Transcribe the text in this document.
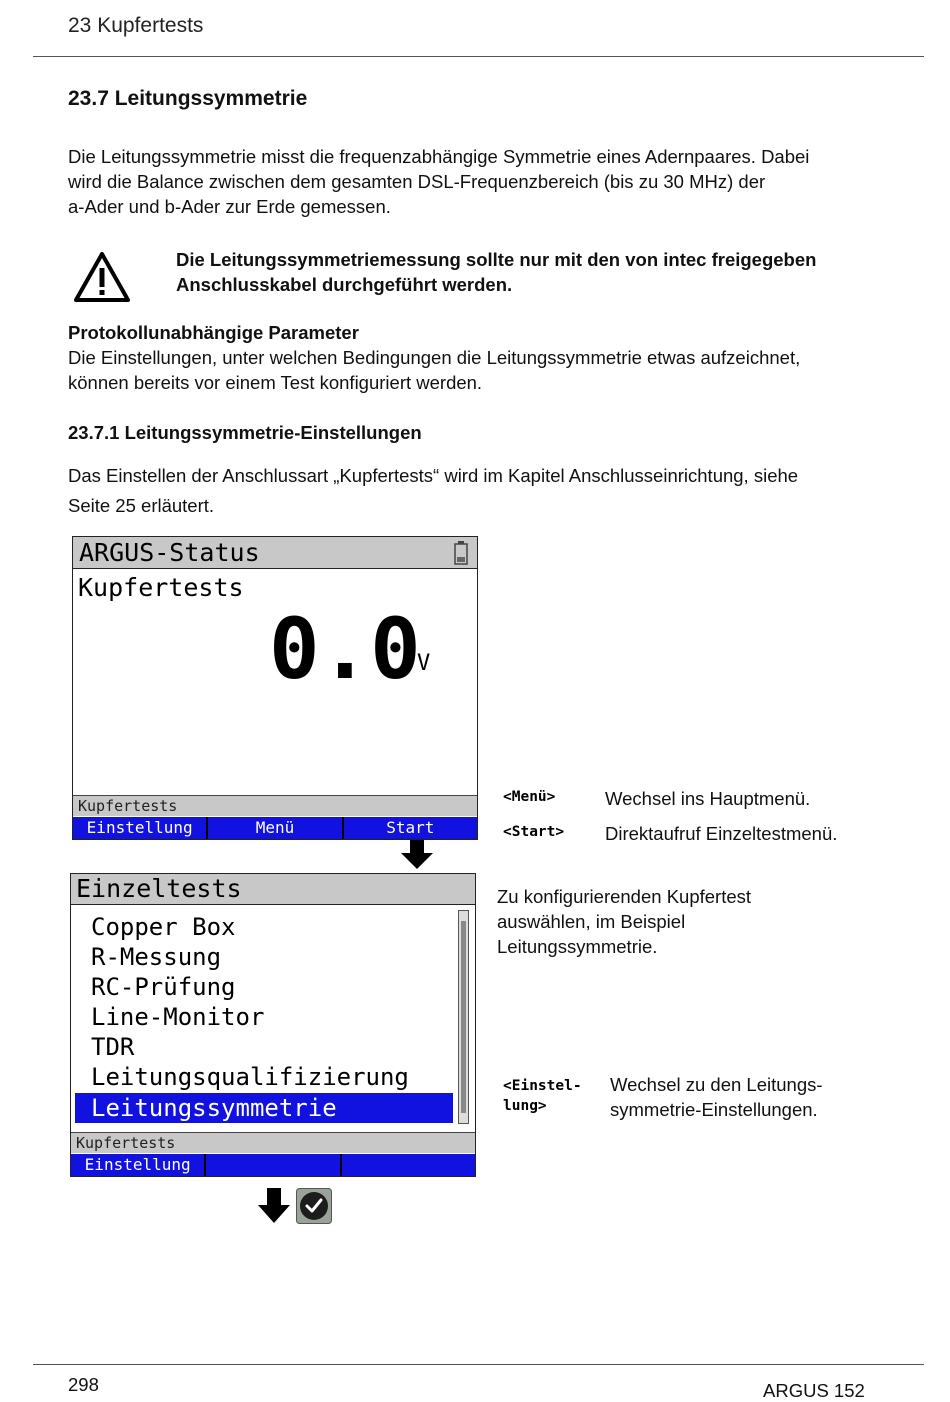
23 Kupfertests
23.7 Leitungssymmetrie
Die Leitungssymmetrie misst die frequenzabhängige Symmetrie eines Adernpaares. Dabei
wird die Balance zwischen dem gesamten DSL-Frequenzbereich (bis zu 30 MHz) der
a-Ader und b-Ader zur Erde gemessen.
Die Leitungssymmetriemessung sollte nur mit den von intec freigegeben
Anschlusskabel durchgeführt werden.
Protokollunabhängige Parameter
Die Einstellungen, unter welchen Bedingungen die Leitungssymmetrie etwas aufzeichnet,
können bereits vor einem Test konfiguriert werden.
23.7.1 Leitungssymmetrie-Einstellungen
Das Einstellen der Anschlussart „Kupfertests“ wird im Kapitel Anschlusseinrichtung, siehe
Seite 25 erläutert.
ARGUS-Status
Kupfertests
0.0
V
Kupfertests
Einstellung	Menü	Start
<Menü>	Wechsel ins Hauptmenü.
<Start> Direktaufruf Einzeltestmenü.
Einzeltests
Copper Box
R-Messung
RC-Prüfung
Line-Monitor
TDR
Leitungsqualifizierung
Leitungssymmetrie
Kupfertests
Einstellung
Zu konfigurierenden Kupfertest
auswählen, im Beispiel
Leitungssymmetrie.
<Einstel-
lung>
Wechsel zu den Leitungs-
symmetrie-Einstellungen.
298	ARGUS 152
